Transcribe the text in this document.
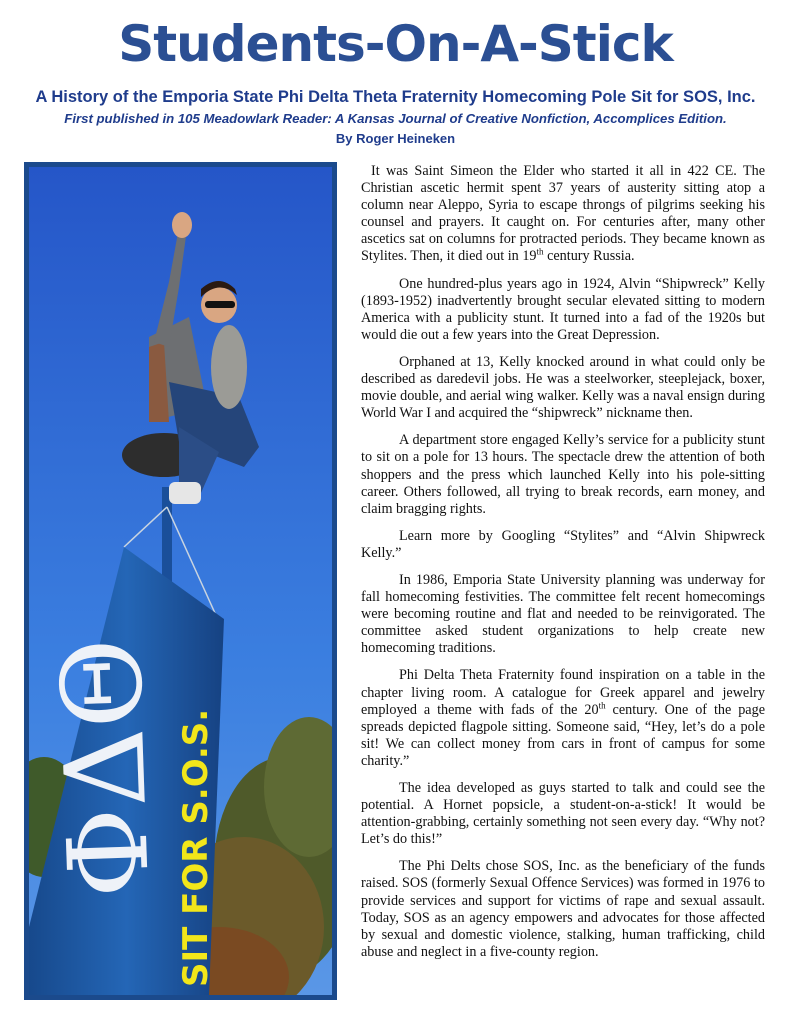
Students-On-A-Stick
A History of the Emporia State Phi Delta Theta Fraternity Homecoming Pole Sit for SOS, Inc.
First published in 105 Meadowlark Reader: A Kansas Journal of Creative Nonfiction, Accomplices Edition.
By Roger Heineken
ΦΔΘ SIT FOR S.O.S.

It was Saint Simeon the Elder who started it all in 422 CE. The Christian ascetic hermit spent 37 years of austerity sitting atop a column near Aleppo, Syria to escape throngs of pilgrims seeking his counsel and prayers. It caught on. For centuries after, many other ascetics sat on columns for protracted periods. They became known as Stylites. Then, it died out in 19th century Russia.

One hundred-plus years ago in 1924, Alvin “Shipwreck” Kelly (1893-1952) inadvertently brought secular elevated sitting to modern America with a publicity stunt. It turned into a fad of the 1920s but would die out a few years into the Great Depression.

Orphaned at 13, Kelly knocked around in what could only be described as daredevil jobs. He was a steelworker, steeplejack, boxer, movie double, and aerial wing walker. Kelly was a naval ensign during World War I and acquired the “shipwreck” nickname then.

A department store engaged Kelly’s service for a publicity stunt to sit on a pole for 13 hours. The spectacle drew the attention of both shoppers and the press which launched Kelly into his pole-sitting career. Others followed, all trying to break records, earn money, and claim bragging rights.

Learn more by Googling “Stylites” and “Alvin Shipwreck Kelly.”

In 1986, Emporia State University planning was underway for fall homecoming festivities. The committee felt recent homecomings were becoming routine and flat and needed to be reinvigorated. The committee asked student organizations to help create new homecoming traditions.

Phi Delta Theta Fraternity found inspiration on a table in the chapter living room. A catalogue for Greek apparel and jewelry employed a theme with fads of the 20th century. One of the page spreads depicted flagpole sitting. Someone said, “Hey, let’s do a pole sit! We can collect money from cars in front of campus for some charity.”

The idea developed as guys started to talk and could see the potential. A Hornet popsicle, a student-on-a-stick! It would be attention-grabbing, certainly something not seen every day. “Why not? Let’s do this!”

The Phi Delts chose SOS, Inc. as the beneficiary of the funds raised. SOS (formerly Sexual Offence Services) was formed in 1976 to provide services and support for victims of rape and sexual assault. Today, SOS as an agency empowers and advocates for those affected by sexual and domestic violence, stalking, human trafficking, child abuse and neglect in a five-county region.
